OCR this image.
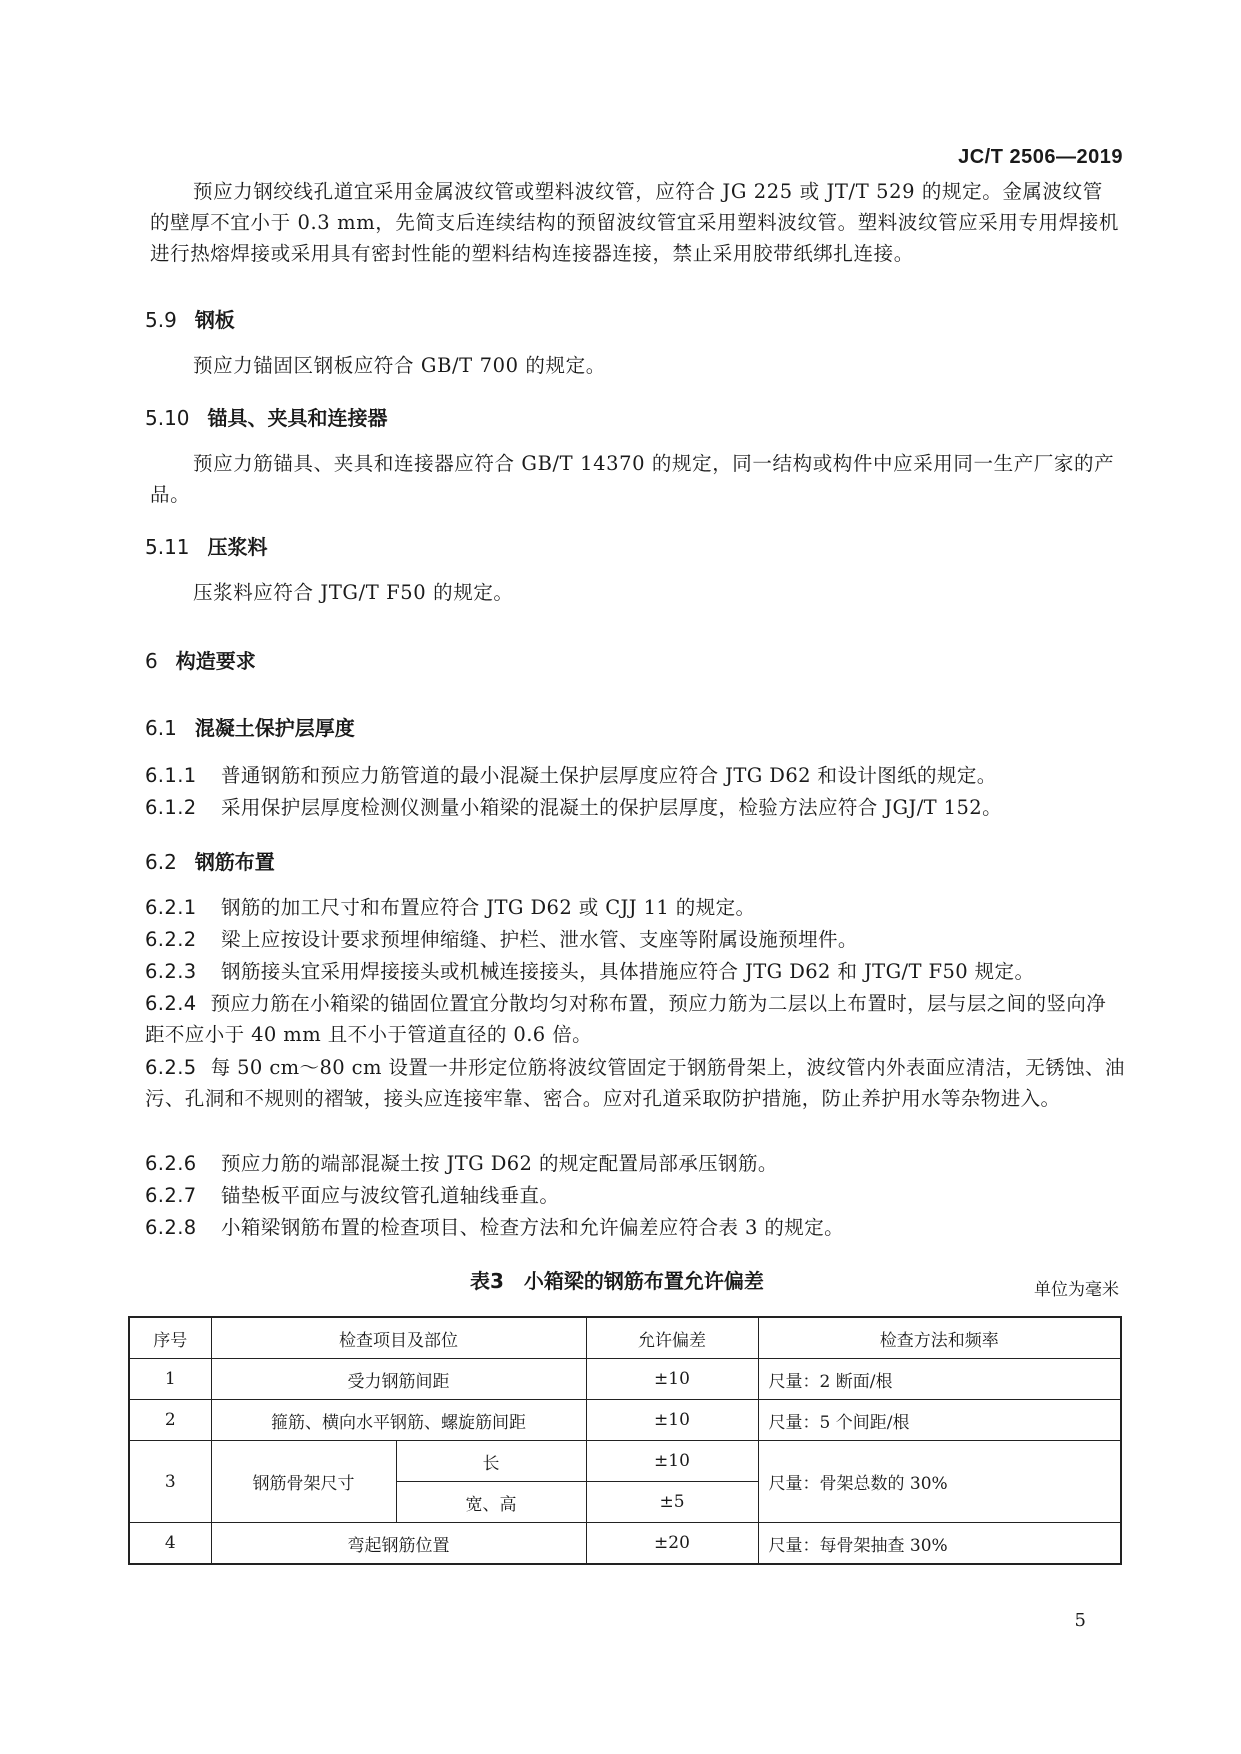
JC/T 2506—2019
预应力钢绞线孔道宜采用金属波纹管或塑料波纹管，应符合 JG 225 或 JT/T 529 的规定。金属波纹管的壁厚不宜小于 0.3 mm，先简支后连续结构的预留波纹管宜采用塑料波纹管。塑料波纹管应采用专用焊接机进行热熔焊接或采用具有密封性能的塑料结构连接器连接，禁止采用胶带纸绑扎连接。
5.9 钢板
预应力锚固区钢板应符合 GB/T 700 的规定。
5.10 锚具、夹具和连接器
预应力筋锚具、夹具和连接器应符合 GB/T 14370 的规定，同一结构或构件中应采用同一生产厂家的产品。
5.11 压浆料
压浆料应符合 JTG/T F50 的规定。
6 构造要求
6.1 混凝土保护层厚度
6.1.1 普通钢筋和预应力筋管道的最小混凝土保护层厚度应符合 JTG D62 和设计图纸的规定。
6.1.2 采用保护层厚度检测仪测量小箱梁的混凝土的保护层厚度，检验方法应符合 JGJ/T 152。
6.2 钢筋布置
6.2.1 钢筋的加工尺寸和布置应符合 JTG D62 或 CJJ 11 的规定。
6.2.2 梁上应按设计要求预埋伸缩缝、护栏、泄水管、支座等附属设施预埋件。
6.2.3 钢筋接头宜采用焊接接头或机械连接接头，具体措施应符合 JTG D62 和 JTG/T F50 规定。
6.2.4 预应力筋在小箱梁的锚固位置宜分散均匀对称布置，预应力筋为二层以上布置时，层与层之间的竖向净距不应小于 40 mm 且不小于管道直径的 0.6 倍。
6.2.5 每 50 cm～80 cm 设置一井形定位筋将波纹管固定于钢筋骨架上，波纹管内外表面应清洁，无锈蚀、油污、孔洞和不规则的褶皱，接头应连接牢靠、密合。应对孔道采取防护措施，防止养护用水等杂物进入。
6.2.6 预应力筋的端部混凝土按 JTG D62 的规定配置局部承压钢筋。
6.2.7 锚垫板平面应与波纹管孔道轴线垂直。
6.2.8 小箱梁钢筋布置的检查项目、检查方法和允许偏差应符合表 3 的规定。
表3　小箱梁的钢筋布置允许偏差	单位为毫米
序号	检查项目及部位		允许偏差	检查方法和频率
1	受力钢筋间距		±10	尺量：2 断面/根
2	箍筋、横向水平钢筋、螺旋筋间距		±10	尺量：5 个间距/根
3	钢筋骨架尺寸	长	±10	尺量：骨架总数的 30%
		宽、高	±5	
4	弯起钢筋位置		±20	尺量：每骨架抽查 30%
5
